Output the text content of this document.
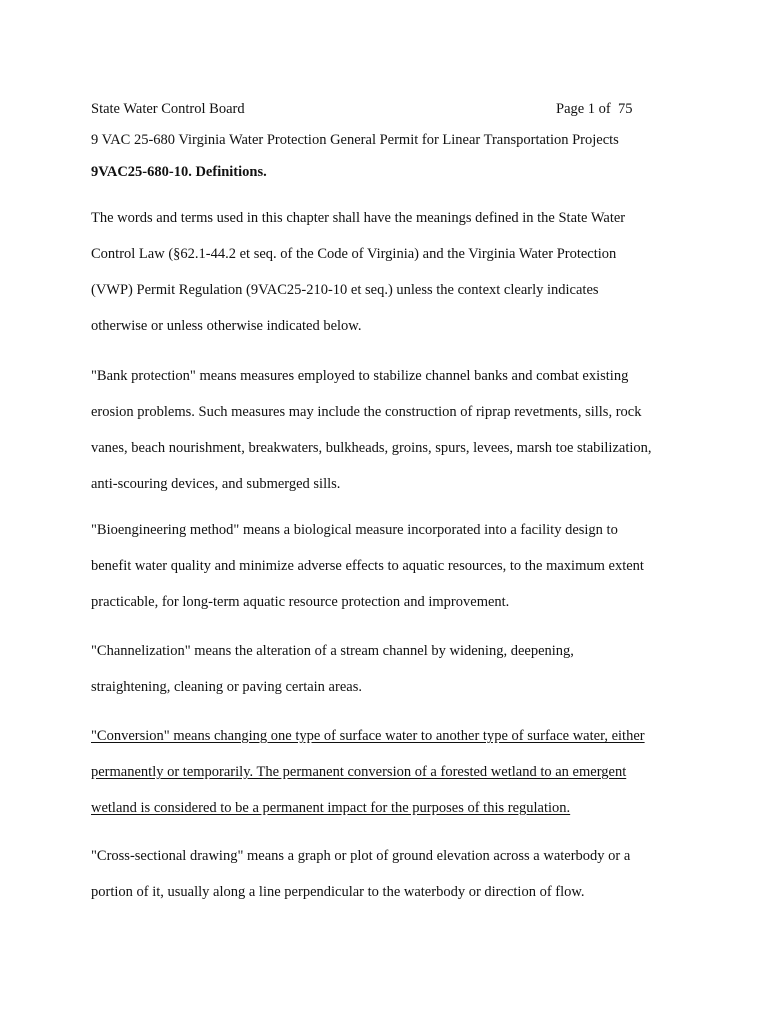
State Water Control Board	Page 1 of  75
9 VAC 25-680 Virginia Water Protection General Permit for Linear Transportation Projects
9VAC25-680-10. Definitions.

The words and terms used in this chapter shall have the meanings defined in the State Water
Control Law (§62.1-44.2 et seq. of the Code of Virginia) and the Virginia Water Protection
(VWP) Permit Regulation (9VAC25-210-10 et seq.) unless the context clearly indicates
otherwise or unless otherwise indicated below.

"Bank protection" means measures employed to stabilize channel banks and combat existing
erosion problems. Such measures may include the construction of riprap revetments, sills, rock
vanes, beach nourishment, breakwaters, bulkheads, groins, spurs, levees, marsh toe stabilization,
anti-scouring devices, and submerged sills.

"Bioengineering method" means a biological measure incorporated into a facility design to
benefit water quality and minimize adverse effects to aquatic resources, to the maximum extent
practicable, for long-term aquatic resource protection and improvement.

"Channelization" means the alteration of a stream channel by widening, deepening,
straightening, cleaning or paving certain areas.

"Conversion" means changing one type of surface water to another type of surface water, either
permanently or temporarily. The permanent conversion of a forested wetland to an emergent
wetland is considered to be a permanent impact for the purposes of this regulation.

"Cross-sectional drawing" means a graph or plot of ground elevation across a waterbody or a
portion of it, usually along a line perpendicular to the waterbody or direction of flow.
